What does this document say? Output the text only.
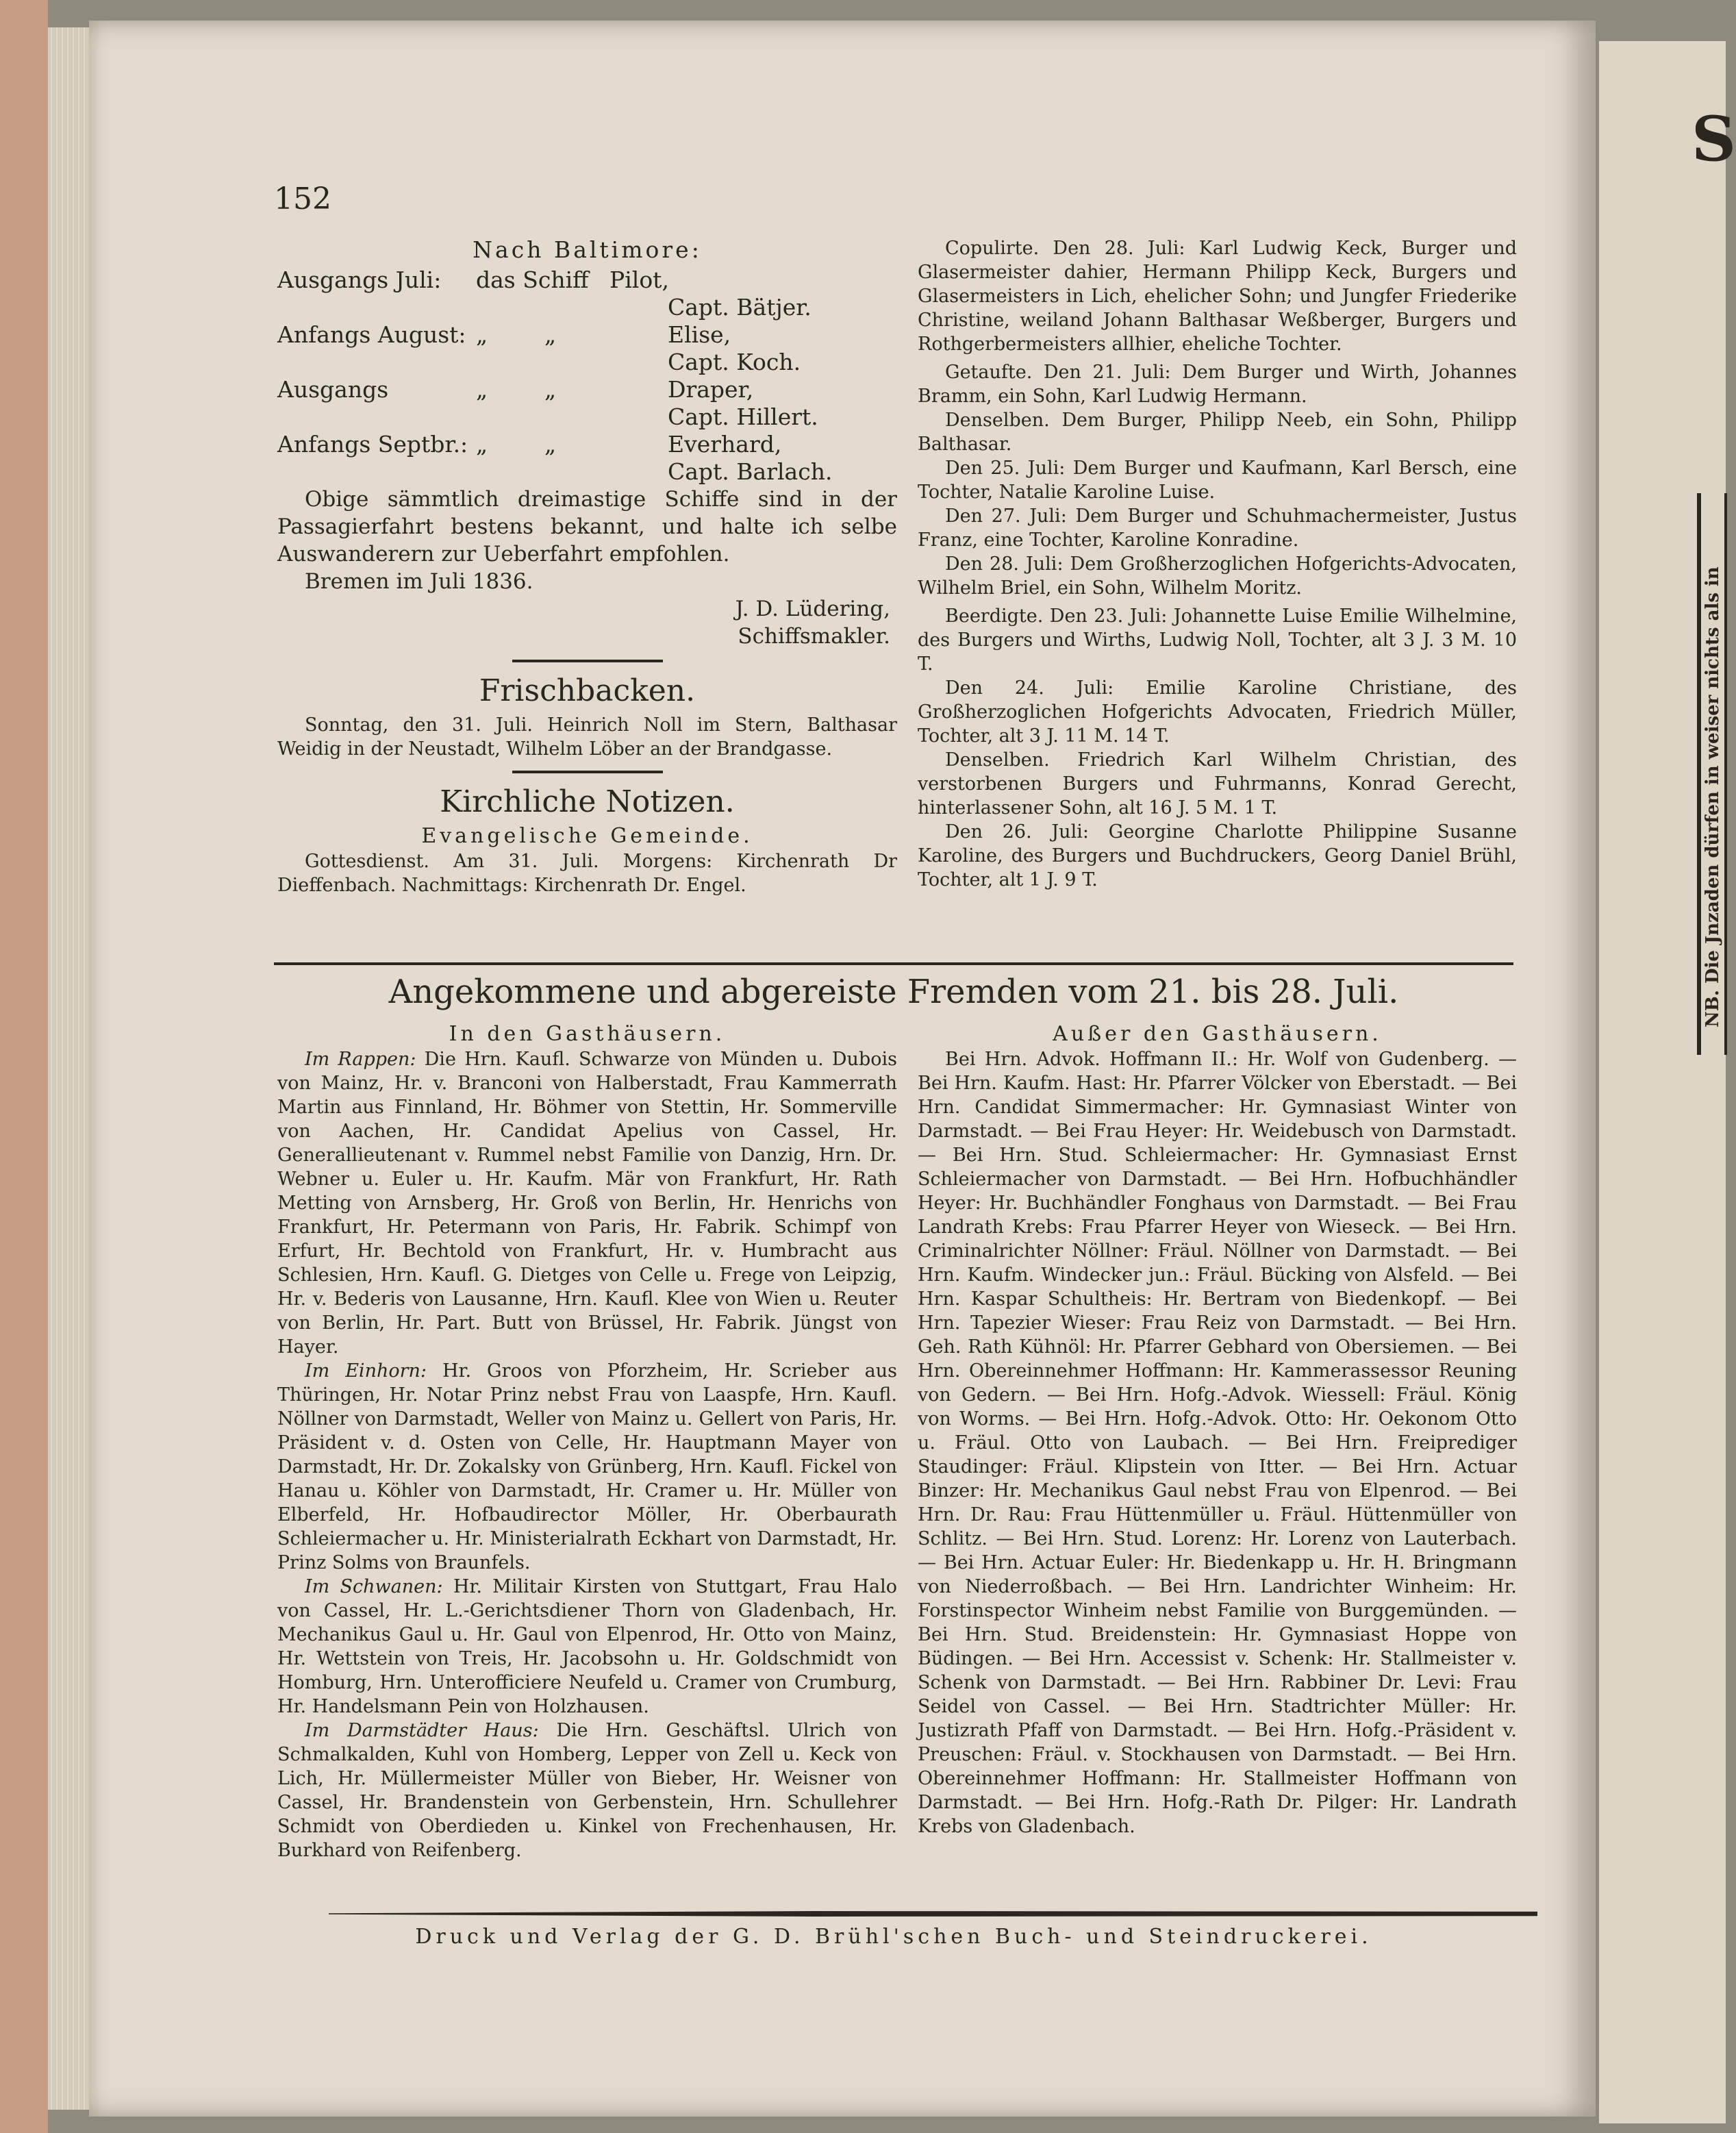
S
NB. Die Jnzaden dürfen in weiser nichts als in
152

Nach Baltimore:

Ausgangs Juli:	das Schiff Pilot,
Capt. Bätjer.
Anfangs August: „	„	Elise,
Capt. Koch.
Ausgangs	„	„	Draper,
Capt. Hillert.
Anfangs Septbr.: „	„	Everhard,
Capt. Barlach.

Obige sämmtlich dreimastige Schiffe sind in der Passagierfahrt bestens bekannt, und halte ich selbe Auswanderern zur Ueberfahrt empfohlen.

Bremen im Juli 1836.

J. D. Lüdering,

Schiffsmakler.

Frischbacken.

Sonntag, den 31. Juli. Heinrich Noll im Stern, Balthasar Weidig in der Neustadt, Wilhelm Löber an der Brandgasse.

Kirchliche Notizen.

Evangelische Gemeinde.

Gottesdienst. Am 31. Juli. Morgens: Kirchenrath Dr Dieffenbach. Nachmittags: Kirchenrath Dr. Engel.

Copulirte. Den 28. Juli: Karl Ludwig Keck, Burger und Glasermeister dahier, Hermann Philipp Keck, Burgers und Glasermeisters in Lich, ehelicher Sohn; und Jungfer Friederike Christine, weiland Johann Balthasar Weßberger, Burgers und Rothgerbermeisters allhier, eheliche Tochter.

Getaufte. Den 21. Juli: Dem Burger und Wirth, Johannes Bramm, ein Sohn, Karl Ludwig Hermann.

Denselben. Dem Burger, Philipp Neeb, ein Sohn, Philipp Balthasar.

Den 25. Juli: Dem Burger und Kaufmann, Karl Bersch, eine Tochter, Natalie Karoline Luise.

Den 27. Juli: Dem Burger und Schuhmachermeister, Justus Franz, eine Tochter, Karoline Konradine.

Den 28. Juli: Dem Großherzoglichen Hofgerichts-Advocaten, Wilhelm Briel, ein Sohn, Wilhelm Moritz.

Beerdigte. Den 23. Juli: Johannette Luise Emilie Wilhelmine, des Burgers und Wirths, Ludwig Noll, Tochter, alt 3 J. 3 M. 10 T.

Den 24. Juli: Emilie Karoline Christiane, des Großherzoglichen Hofgerichts Advocaten, Friedrich Müller, Tochter, alt 3 J. 11 M. 14 T.

Denselben. Friedrich Karl Wilhelm Christian, des verstorbenen Burgers und Fuhrmanns, Konrad Gerecht, hinterlassener Sohn, alt 16 J. 5 M. 1 T.

Den 26. Juli: Georgine Charlotte Philippine Susanne Karoline, des Burgers und Buchdruckers, Georg Daniel Brühl, Tochter, alt 1 J. 9 T.

Angekommene und abgereiste Fremden vom 21. bis 28. Juli.

In den Gasthäusern.

Im Rappen: Die Hrn. Kaufl. Schwarze von Münden u. Dubois von Mainz, Hr. v. Branconi von Halberstadt, Frau Kammerrath Martin aus Finnland, Hr. Böhmer von Stettin, Hr. Sommerville von Aachen, Hr. Candidat Apelius von Cassel, Hr. Generallieutenant v. Rummel nebst Familie von Danzig, Hrn. Dr. Webner u. Euler u. Hr. Kaufm. Mär von Frankfurt, Hr. Rath Metting von Arnsberg, Hr. Groß von Berlin, Hr. Henrichs von Frankfurt, Hr. Petermann von Paris, Hr. Fabrik. Schimpf von Erfurt, Hr. Bechtold von Frankfurt, Hr. v. Humbracht aus Schlesien, Hrn. Kaufl. G. Dietges von Celle u. Frege von Leipzig, Hr. v. Bederis von Lausanne, Hrn. Kaufl. Klee von Wien u. Reuter von Berlin, Hr. Part. Butt von Brüssel, Hr. Fabrik. Jüngst von Hayer.

Im Einhorn: Hr. Groos von Pforzheim, Hr. Scrieber aus Thüringen, Hr. Notar Prinz nebst Frau von Laaspfe, Hrn. Kaufl. Nöllner von Darmstadt, Weller von Mainz u. Gellert von Paris, Hr. Präsident v. d. Osten von Celle, Hr. Hauptmann Mayer von Darmstadt, Hr. Dr. Zokalsky von Grünberg, Hrn. Kaufl. Fickel von Hanau u. Köhler von Darmstadt, Hr. Cramer u. Hr. Müller von Elberfeld, Hr. Hofbaudirector Möller, Hr. Oberbaurath Schleiermacher u. Hr. Ministerialrath Eckhart von Darmstadt, Hr. Prinz Solms von Braunfels.

Im Schwanen: Hr. Militair Kirsten von Stuttgart, Frau Halo von Cassel, Hr. L.-Gerichtsdiener Thorn von Gladenbach, Hr. Mechanikus Gaul u. Hr. Gaul von Elpenrod, Hr. Otto von Mainz, Hr. Wettstein von Treis, Hr. Jacobsohn u. Hr. Goldschmidt von Homburg, Hrn. Unterofficiere Neufeld u. Cramer von Crumburg, Hr. Handelsmann Pein von Holzhausen.

Im Darmstädter Haus: Die Hrn. Geschäftsl. Ulrich von Schmalkalden, Kuhl von Homberg, Lepper von Zell u. Keck von Lich, Hr. Müllermeister Müller von Bieber, Hr. Weisner von Cassel, Hr. Brandenstein von Gerbenstein, Hrn. Schullehrer Schmidt von Oberdieden u. Kinkel von Frechenhausen, Hr. Burkhard von Reifenberg.

Außer den Gasthäusern.

Bei Hrn. Advok. Hoffmann II.: Hr. Wolf von Gudenberg. — Bei Hrn. Kaufm. Hast: Hr. Pfarrer Völcker von Eberstadt. — Bei Hrn. Candidat Simmermacher: Hr. Gymnasiast Winter von Darmstadt. — Bei Frau Heyer: Hr. Weidebusch von Darmstadt. — Bei Hrn. Stud. Schleiermacher: Hr. Gymnasiast Ernst Schleiermacher von Darmstadt. — Bei Hrn. Hofbuchhändler Heyer: Hr. Buchhändler Fonghaus von Darmstadt. — Bei Frau Landrath Krebs: Frau Pfarrer Heyer von Wieseck. — Bei Hrn. Criminalrichter Nöllner: Fräul. Nöllner von Darmstadt. — Bei Hrn. Kaufm. Windecker jun.: Fräul. Bücking von Alsfeld. — Bei Hrn. Kaspar Schultheis: Hr. Bertram von Biedenkopf. — Bei Hrn. Tapezier Wieser: Frau Reiz von Darmstadt. — Bei Hrn. Geh. Rath Kühnöl: Hr. Pfarrer Gebhard von Obersiemen. — Bei Hrn. Obereinnehmer Hoffmann: Hr. Kammerassessor Reuning von Gedern. — Bei Hrn. Hofg.-Advok. Wiessell: Fräul. König von Worms. — Bei Hrn. Hofg.-Advok. Otto: Hr. Oekonom Otto u. Fräul. Otto von Laubach. — Bei Hrn. Freiprediger Staudinger: Fräul. Klipstein von Itter. — Bei Hrn. Actuar Binzer: Hr. Mechanikus Gaul nebst Frau von Elpenrod. — Bei Hrn. Dr. Rau: Frau Hüttenmüller u. Fräul. Hüttenmüller von Schlitz. — Bei Hrn. Stud. Lorenz: Hr. Lorenz von Lauterbach. — Bei Hrn. Actuar Euler: Hr. Biedenkapp u. Hr. H. Bringmann von Niederroßbach. — Bei Hrn. Landrichter Winheim: Hr. Forstinspector Winheim nebst Familie von Burggemünden. — Bei Hrn. Stud. Breidenstein: Hr. Gymnasiast Hoppe von Büdingen. — Bei Hrn. Accessist v. Schenk: Hr. Stallmeister v. Schenk von Darmstadt. — Bei Hrn. Rabbiner Dr. Levi: Frau Seidel von Cassel. — Bei Hrn. Stadtrichter Müller: Hr. Justizrath Pfaff von Darmstadt. — Bei Hrn. Hofg.-Präsident v. Preuschen: Fräul. v. Stockhausen von Darmstadt. — Bei Hrn. Obereinnehmer Hoffmann: Hr. Stallmeister Hoffmann von Darmstadt. — Bei Hrn. Hofg.-Rath Dr. Pilger: Hr. Landrath Krebs von Gladenbach.

Druck und Verlag der G. D. Brühl'schen Buch- und Steindruckerei.
